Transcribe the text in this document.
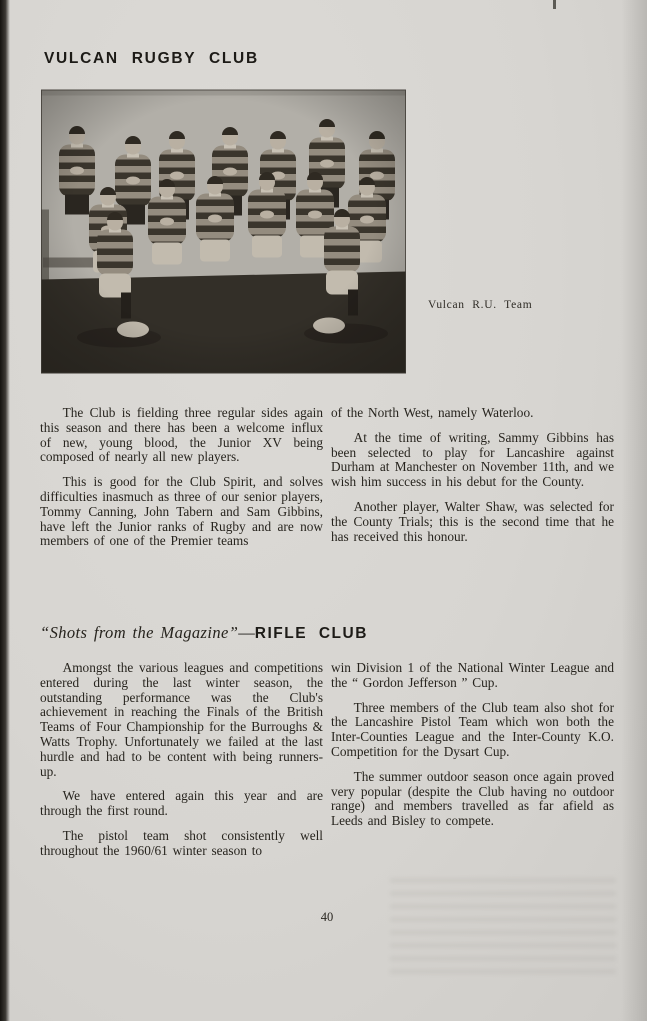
VULCAN RUGBY CLUB
Vulcan R.U. Team

The Club is fielding three regular sides again this season and there has been a welcome influx of new, young blood, the Junior XV being composed of nearly all new players.

This is good for the Club Spirit, and solves difficulties inasmuch as three of our senior players, Tommy Canning, John Tabern and Sam Gibbins, have left the Junior ranks of Rugby and are now members of one of the Premier teams

of the North West, namely Waterloo.

At the time of writing, Sammy Gibbins has been selected to play for Lancashire against Durham at Manchester on November 11th, and we wish him success in his debut for the County.

Another player, Walter Shaw, was selected for the County Trials; this is the second time that he has received this honour.

“Shots from the Magazine”—RIFLE CLUB

Amongst the various leagues and competitions entered during the last winter season, the outstanding performance was the Club's achievement in reaching the Finals of the British Teams of Four Championship for the Burroughs & Watts Trophy. Unfortunately we failed at the last hurdle and had to be content with being runners-up.

We have entered again this year and are through the first round.

The pistol team shot consistently well throughout the 1960/61 winter season to

win Division 1 of the National Winter League and the “ Gordon Jefferson ” Cup.

Three members of the Club team also shot for the Lancashire Pistol Team which won both the Inter-Counties League and the Inter-County K.O. Competition for the Dysart Cup.

The summer outdoor season once again proved very popular (despite the Club having no outdoor range) and members travelled as far afield as Leeds and Bisley to compete.

40
